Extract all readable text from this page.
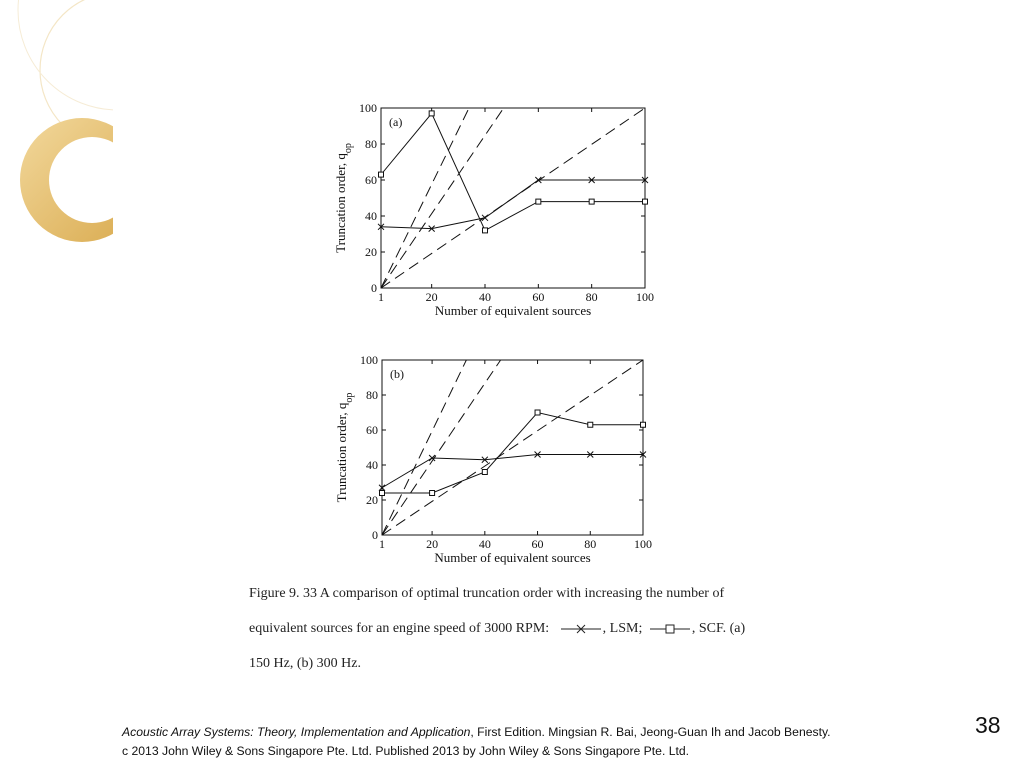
1	20	40	60	80	100
0
20
40
60
80
100
Number of equivalent sources
Truncation order, $q_{op}$
(a)
1	20	40	60	80	100
0
20
40
60
80
100
Number of equivalent sources
Truncation order, $q_{op}$
(b)
Figure 9. 33 A comparison of optimal truncation order with increasing the number of
equivalent sources for an engine speed of 3000 RPM:	, LSM;	, SCF. (a)
150 Hz, (b) 300 Hz.
Acoustic Array Systems: Theory, Implementation and Application, First Edition. Mingsian R. Bai, Jeong-Guan Ih and Jacob Benesty.
c 2013 John Wiley & Sons Singapore Pte. Ltd. Published 2013 by John Wiley & Sons Singapore Pte. Ltd.
38
